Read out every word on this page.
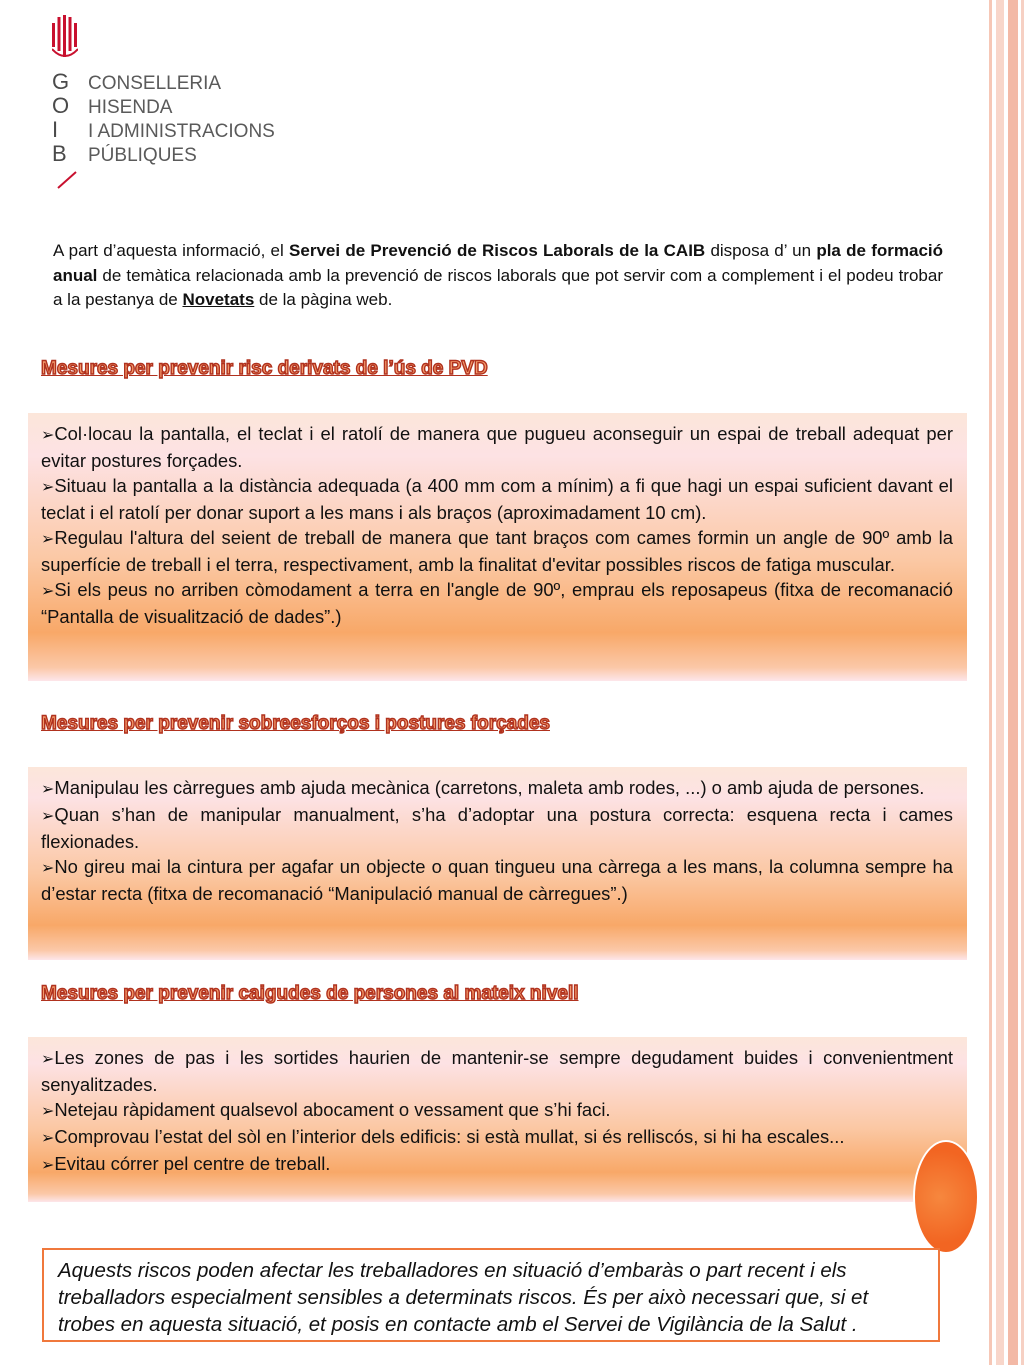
G
O
I
B
CONSELLERIA
HISENDA
I ADMINISTRACIONS
PÚBLIQUES
A part d’aquesta informació, el Servei de Prevenció de Riscos Laborals de la CAIB disposa d’ un pla de formació anual de temàtica relacionada amb la prevenció de riscos laborals que pot servir com a complement i el podeu trobar a la pestanya de Novetats de la pàgina web.
Mesures per prevenir risc derivats de l’ús de PVD

➢Col·locau la pantalla, el teclat i el ratolí de manera que pugueu aconseguir un espai de treball adequat per evitar postures forçades.

➢Situau la pantalla a la distància adequada (a 400 mm com a mínim) a fi que hagi un espai suficient davant el teclat i el ratolí per donar suport a les mans i als braços (aproximadament 10 cm).

➢Regulau l'altura del seient de treball de manera que tant braços com cames formin un angle de 90º amb la superfície de treball i el terra, respectivament, amb la finalitat d'evitar possibles riscos de fatiga muscular.

➢Si els peus no arriben còmodament a terra en l'angle de 90º, emprau els reposapeus (fitxa de recomanació “Pantalla de visualització de dades”.)

Mesures per prevenir sobreesforços i postures forçades

➢Manipulau les càrregues amb ajuda mecànica (carretons, maleta amb rodes, ...) o amb ajuda de persones.

➢Quan s’han de manipular manualment, s’ha d’adoptar una postura correcta: esquena recta i cames flexionades.

➢No gireu mai la cintura per agafar un objecte o quan tingueu una càrrega a les mans, la columna sempre ha d’estar recta (fitxa de recomanació “Manipulació manual de càrregues”.)

Mesures per prevenir caigudes de persones al mateix nivell

➢Les zones de pas i les sortides haurien de mantenir-se sempre degudament buides i convenientment senyalitzades.

➢Netejau ràpidament qualsevol abocament o vessament que s’hi faci.

➢Comprovau l’estat del sòl en l’interior dels edificis: si està mullat, si és relliscós, si hi ha escales...

➢Evitau córrer pel centre de treball.

Aquests riscos poden afectar les treballadores en situació d’embaràs o part recent i els treballadors especialment sensibles a determinats riscos. És per això necessari que, si et trobes en aquesta situació, et posis en contacte amb el Servei de Vigilància de la Salut .
